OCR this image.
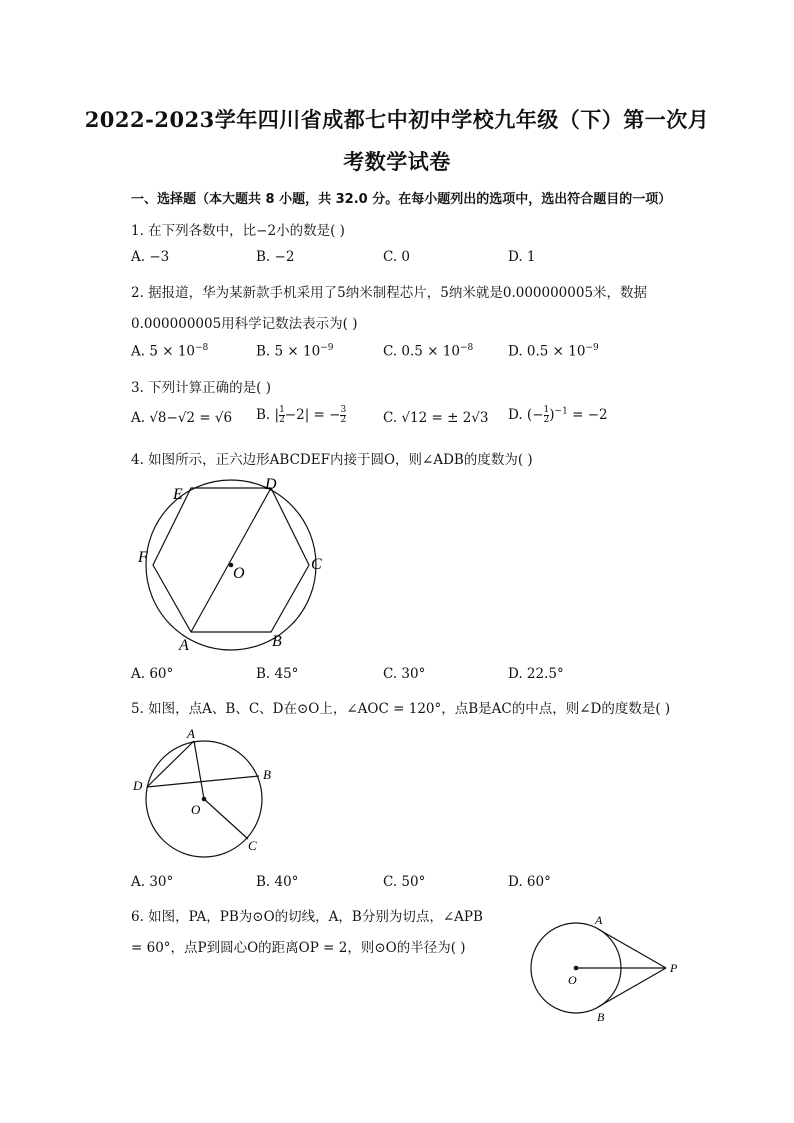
2022-2023学年四川省成都七中初中学校九年级（下）第一次月
考数学试卷
一、选择题（本大题共 8 小题，共 32.0 分。在每小题列出的选项中，选出符合题目的一项）
1. 在下列各数中，比−2小的数是( )
A. −3	B. −2	C. 0	D. 1
2. 据报道，华为某新款手机采用了5纳米制程芯片，5纳米就是0.000000005米，数据
0.000000005用科学记数法表示为( )
A. $5 \times 10^{-8}$	B. $5 \times 10^{-9}$	C. $0.5 \times 10^{-8}$	D. $0.5 \times 10^{-9}$
3. 下列计算正确的是( )
A. √8−√2 = √6 B. | $\frac{1}{2} -2|$ = − $\frac{3}{2}$	C. √12 = ± 2√3 D. (− $\frac{1}{2} )^{-1} = -2$
4. 如图所示，正六边形ABCDEF内接于圆O，则∠ADB的度数为( )
E
D
F
O
C
A	B
A. 60°	B. 45°	C. 30°	D. 22.5°
5. 如图，点A、B、C、D在⊙O上，∠AOC = 120°，点B是AC的中点，则∠D的度数是( )
A
B
D
O
C
A. 30°	B. 40°	C. 50°	D. 60°
6. 如图，PA，PB为⊙O的切线，A，B分别为切点，∠APB
= 60°，点P到圆心O的距离OP = 2，则⊙O的半径为( )
A
O
P
B
